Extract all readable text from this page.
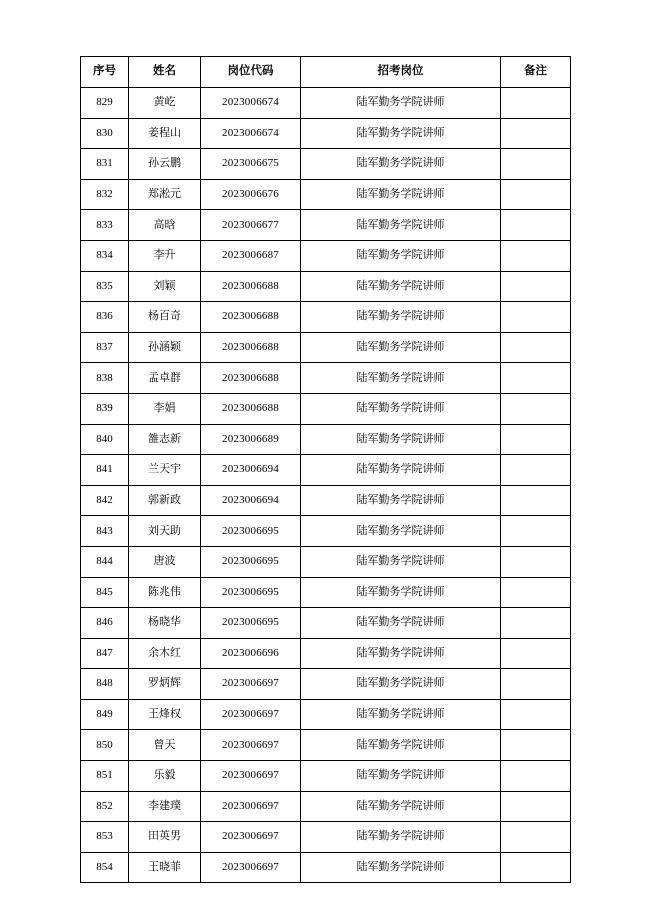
序号	姓名	岗位代码	招考岗位	备注
829	黄屹	2023006674	陆军勤务学院讲师	
830	姜程山	2023006674	陆军勤务学院讲师	
831	孙云鹏	2023006675	陆军勤务学院讲师	
832	郑淞元	2023006676	陆军勤务学院讲师	
833	高晗	2023006677	陆军勤务学院讲师	
834	李升	2023006687	陆军勤务学院讲师	
835	刘颖	2023006688	陆军勤务学院讲师	
836	杨百奇	2023006688	陆军勤务学院讲师	
837	孙涵颖	2023006688	陆军勤务学院讲师	
838	孟卓群	2023006688	陆军勤务学院讲师	
839	李娟	2023006688	陆军勤务学院讲师	
840	雒志新	2023006689	陆军勤务学院讲师	
841	兰天宇	2023006694	陆军勤务学院讲师	
842	郭新政	2023006694	陆军勤务学院讲师	
843	刘天助	2023006695	陆军勤务学院讲师	
844	唐波	2023006695	陆军勤务学院讲师	
845	陈兆伟	2023006695	陆军勤务学院讲师	
846	杨晓华	2023006695	陆军勤务学院讲师	
847	余木红	2023006696	陆军勤务学院讲师	
848	罗炳辉	2023006697	陆军勤务学院讲师	
849	王烽权	2023006697	陆军勤务学院讲师	
850	曾天	2023006697	陆军勤务学院讲师	
851	乐毅	2023006697	陆军勤务学院讲师	
852	李建璞	2023006697	陆军勤务学院讲师	
853	田英男	2023006697	陆军勤务学院讲师	
854	王晓菲	2023006697	陆军勤务学院讲师	
